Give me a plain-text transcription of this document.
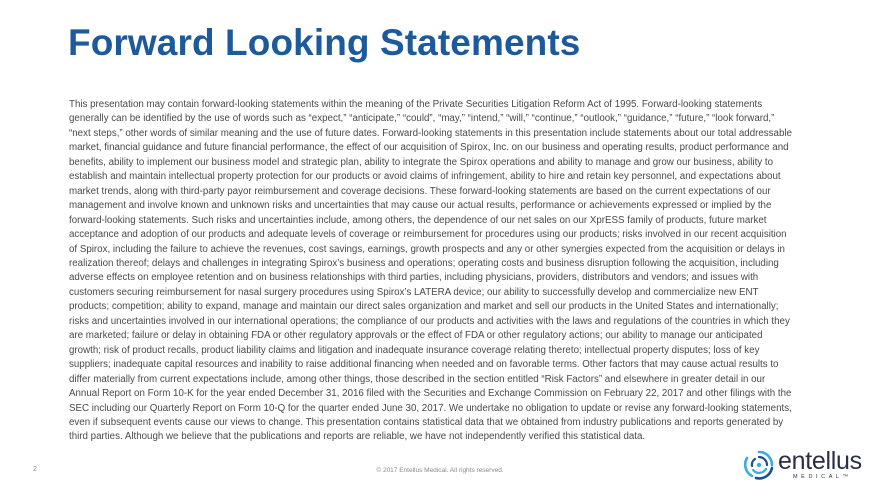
Forward Looking Statements

This presentation may contain forward-looking statements within the meaning of the Private Securities Litigation Reform Act of 1995. Forward-looking statements generally can be identified by the use of words such as “expect,” “anticipate,” “could”, “may,” “intend,” “will,” “continue,” “outlook,” “guidance,” “future,” “look forward,” “next steps,” other words of similar meaning and the use of future dates. Forward-looking statements in this presentation include statements about our total addressable market, financial guidance and future financial performance, the effect of our acquisition of Spirox, Inc. on our business and operating results, product performance and benefits, ability to implement our business model and strategic plan, ability to integrate the Spirox operations and ability to manage and grow our business, ability to establish and maintain intellectual property protection for our products or avoid claims of infringement, ability to hire and retain key personnel, and expectations about market trends, along with third-party payor reimbursement and coverage decisions. These forward-looking statements are based on the current expectations of our management and involve known and unknown risks and uncertainties that may cause our actual results, performance or achievements expressed or implied by the forward-looking statements. Such risks and uncertainties include, among others, the dependence of our net sales on our XprESS family of products, future market acceptance and adoption of our products and adequate levels of coverage or reimbursement for procedures using our products; risks involved in our recent acquisition of Spirox, including the failure to achieve the revenues, cost savings, earnings, growth prospects and any or other synergies expected from the acquisition or delays in realization thereof; delays and challenges in integrating Spirox’s business and operations; operating costs and business disruption following the acquisition, including adverse effects on employee retention and on business relationships with third parties, including physicians, providers, distributors and vendors; and issues with customers securing reimbursement for nasal surgery procedures using Spirox’s LATERA device; our ability to successfully develop and commercialize new ENT products; competition; ability to expand, manage and maintain our direct sales organization and market and sell our products in the United States and internationally; risks and uncertainties involved in our international operations; the compliance of our products and activities with the laws and regulations of the countries in which they are marketed; failure or delay in obtaining FDA or other regulatory approvals or the effect of FDA or other regulatory actions; our ability to manage our anticipated growth; risk of product recalls, product liability claims and litigation and inadequate insurance coverage relating thereto; intellectual property disputes; loss of key suppliers; inadequate capital resources and inability to raise additional financing when needed and on favorable terms. Other factors that may cause actual results to differ materially from current expectations include, among other things, those described in the section entitled “Risk Factors” and elsewhere in greater detail in our Annual Report on Form 10-K for the year ended December 31, 2016 filed with the Securities and Exchange Commission on February 22, 2017 and other filings with the SEC including our Quarterly Report on Form 10-Q for the quarter ended June 30, 2017. We undertake no obligation to update or revise any forward-looking statements, even if subsequent events cause our views to change. This presentation contains statistical data that we obtained from industry publications and reports generated by third parties. Although we believe that the publications and reports are reliable, we have not independently verified this statistical data.

2	© 2017 Entellus Medical. All rights reserved.	entellus
MEDICAL™
